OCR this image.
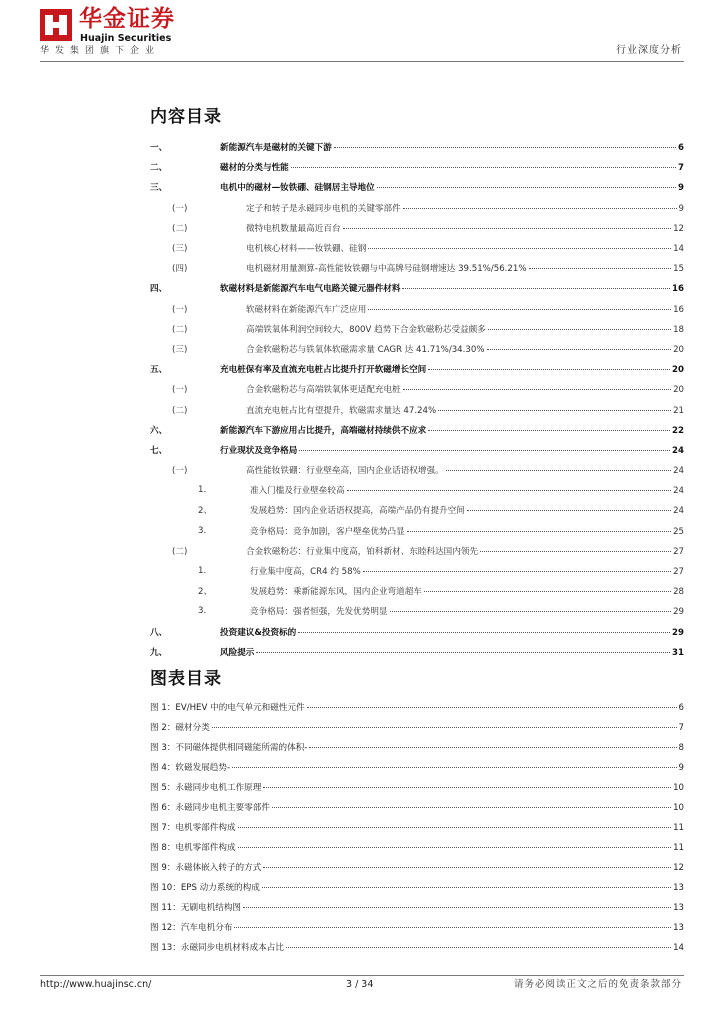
华金证券
Huajin Securities
华发集团旗下企业	行业深度分析
内容目录
一、	新能源汽车是磁材的关键下游	6
二、	磁材的分类与性能	7
三、	电机中的磁材—钕铁硼、硅钢居主导地位	9
(一)	定子和转子是永磁同步电机的关键零部件	9
(二)	微特电机数量最高近百台	12
(三)	电机核心材料——钕铁硼、硅钢	14
(四)	电机磁材用量测算-高性能钕铁硼与中高牌号硅钢增速达 39.51%/56.21%	15
四、	软磁材料是新能源汽车电气电路关键元器件材料	16
(一)	软磁材料在新能源汽车广泛应用	16
(二)	高端铁氧体利润空间较大，800V 趋势下合金软磁粉芯受益颇多	18
(三)	合金软磁粉芯与铁氧体软磁需求量 CAGR 达 41.71%/34.30%	20
五、	充电桩保有率及直流充电桩占比提升打开软磁增长空间	20
(一)	合金软磁粉芯与高端铁氧体更适配充电桩	20
(二)	直流充电桩占比有望提升，软磁需求量达 47.24%	21
六、	新能源汽车下游应用占比提升，高端磁材持续供不应求	22
七、	行业现状及竞争格局	24
(一)	高性能钕铁硼：行业壁垒高，国内企业话语权增强。	24
1.	准入门槛及行业壁垒较高	24
2、	发展趋势：国内企业话语权提高，高端产品仍有提升空间	24
3.	竞争格局：竞争加剧，客户壁垒优势凸显	25
(二)	合金软磁粉芯：行业集中度高，铂科新材、东睦科达国内领先	27
1.	行业集中度高，CR4 约 58%	27
2、	发展趋势：乘新能源东风，国内企业弯道超车	28
3.	竞争格局：强者恒强，先发优势明显	29
八、	投资建议&投资标的	29
九、	风险提示	31
图表目录
图 1： EV/HEV 中的电气单元和磁性元件	6
图 2： 磁材分类	7
图 3： 不同磁体提供相同磁能所需的体积-	8
图 4： 软磁发展趋势-	9
图 5： 永磁同步电机工作原理	10
图 6： 永磁同步电机主要零部件	10
图 7： 电机零部件构成	11
图 8： 电机零部件构成	11
图 9： 永磁体嵌入转子的方式	12
图 10： EPS 动力系统的构成	13
图 11： 无刷电机结构图	13
图 12： 汽车电机分布	13
图 13： 永磁同步电机材料成本占比	14
http://www.huajinsc.cn/	3 / 34	请务必阅读正文之后的免责条款部分
